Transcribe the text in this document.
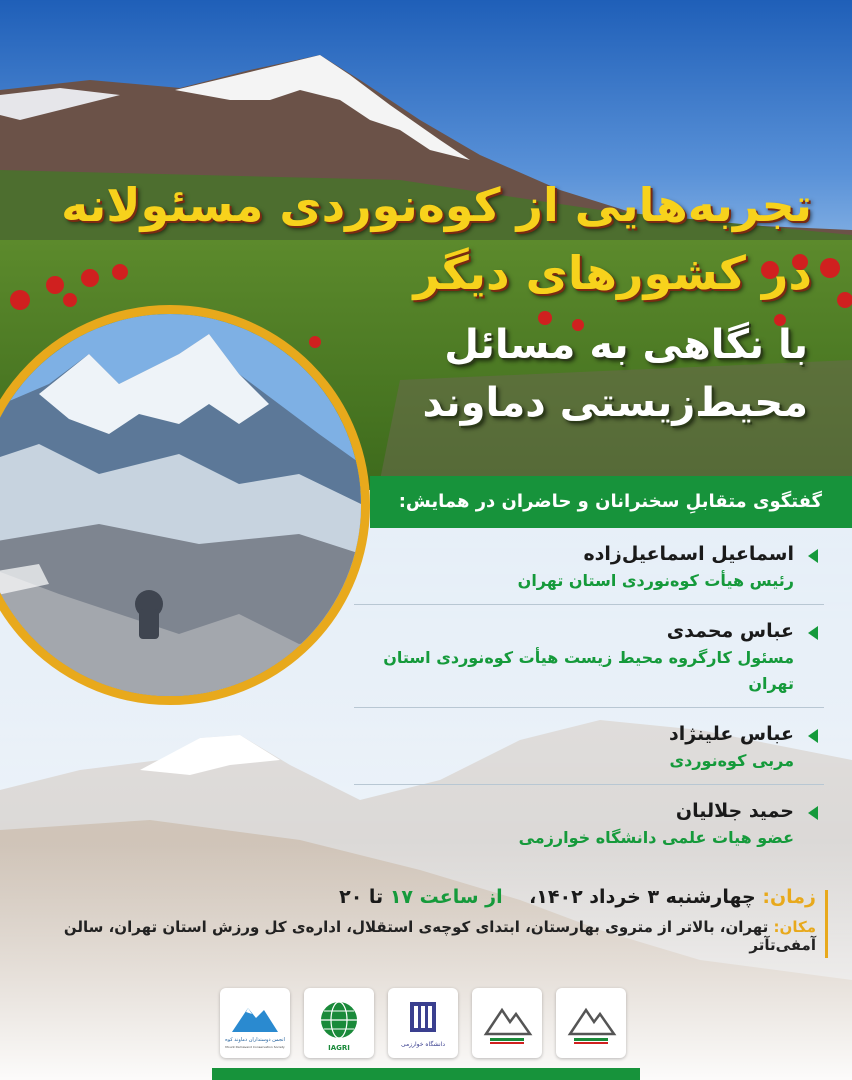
تجربه‌هایی از کوه‌نوردی مسئولانه
در کشورهای دیگر
با نگاهی به مسائل
محیط‌زیستی دماوند
گفتگوی متقابلِ سخنرانان و حاضران در همایش:
اسماعیل اسماعیل‌زاده
رئیس هیأت کوه‌نوردی استان تهران
عباس محمدی
مسئول کارگروه محیط زیست هیأت کوه‌نوردی استان تهران
عباس علینژاد
مربی کوه‌نوردی
حمید جلالیان
عضو هیات علمی دانشگاه خوارزمی
زمان: چهارشنبه ۳ خرداد ۱۴۰۲،    از ساعت ۱۷ تا ۲۰
مکان: تهران، بالاتر از متروی بهارستان، ابتدای کوچه‌ی استقلال، اداره‌ی کل ورزش استان تهران، سالن آمفی‌تآتر
انجمن دوستداران دماوند کوه
Mount Damavand Conservation Society	IAGRI	دانشگاه خوارزمی
